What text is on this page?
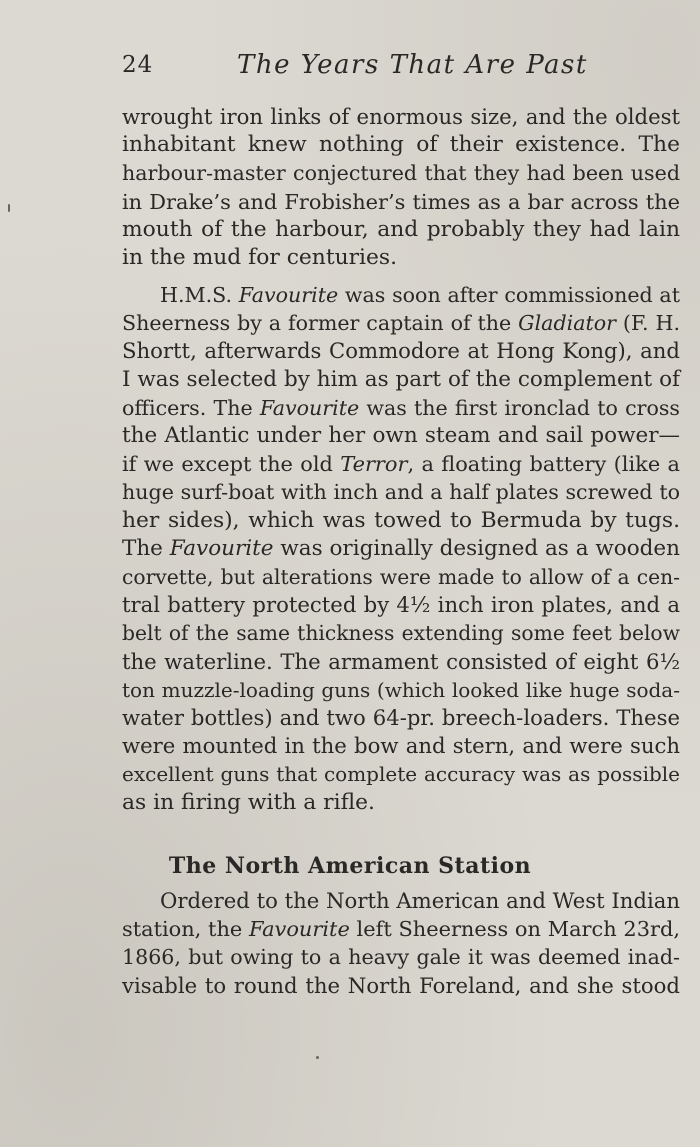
24	The Years That Are Past
wrought iron links of enormous size, and the oldest
inhabitant knew nothing of their existence. The
harbour-master conjectured that they had been used
in Drake’s and Frobisher’s times as a bar across the
mouth of the harbour, and probably they had lain
in the mud for centuries.
H.M.S. Favourite was soon after commissioned at
Sheerness by a former captain of the Gladiator (F. H.
Shortt, afterwards Commodore at Hong Kong), and
I was selected by him as part of the complement of
officers. The Favourite was the first ironclad to cross
the Atlantic under her own steam and sail power—
if we except the old Terror, a floating battery (like a
huge surf-boat with inch and a half plates screwed to
her sides), which was towed to Bermuda by tugs.
The Favourite was originally designed as a wooden
corvette, but alterations were made to allow of a cen-
tral battery protected by 4½ inch iron plates, and a
belt of the same thickness extending some feet below
the waterline. The armament consisted of eight 6½
ton muzzle-loading guns (which looked like huge soda-
water bottles) and two 64-pr. breech-loaders. These
were mounted in the bow and stern, and were such
excellent guns that complete accuracy was as possible
as in firing with a rifle.
The North American Station
Ordered to the North American and West Indian
station, the Favourite left Sheerness on March 23rd,
1866, but owing to a heavy gale it was deemed inad-
visable to round the North Foreland, and she stood
